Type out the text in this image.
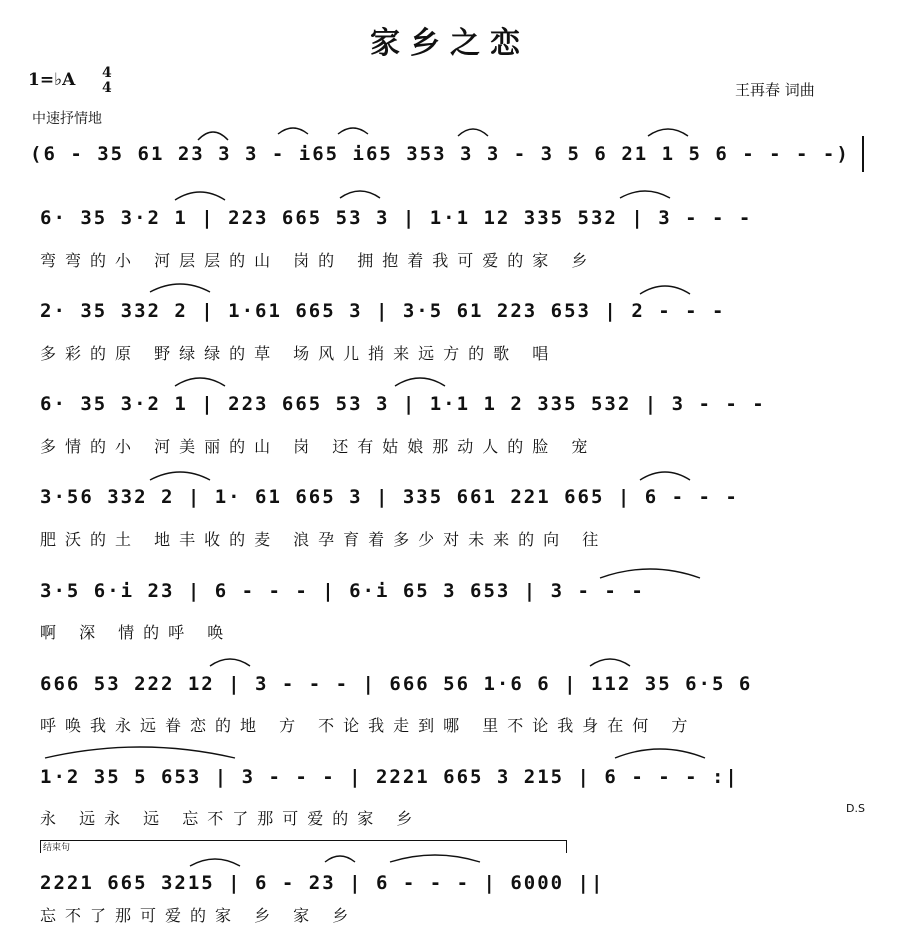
家乡之恋
1=♭A 4
4	王再春 词曲
中速抒情地
(6 - 35 61 23 3 3 - i65 i65 353 3 3 - 3 5 6 21 1 5 6 - - - -)
6· 35 3·2 1 | 223 665 53 3 | 1·1 12 335 532 | 3 - - -
弯弯的小 河层层的山 岗的 拥抱着我可爱的家 乡
2· 35 332 2 | 1·61 665 3 | 3·5 61 223 653 | 2 - - -
多彩的原 野绿绿的草 场风儿捎来远方的歌 唱
6· 35 3·2 1 | 223 665 53 3 | 1·1 1 2 335 532 | 3 - - -
多情的小 河美丽的山 岗 还有姑娘那动人的脸 宠
3·56 332 2 | 1· 61 665 3 | 335 661 221 665 | 6 - - -
肥沃的土 地丰收的麦 浪孕育着多少对未来的向 往
3·5 6·i 23 | 6 - - - | 6·i 65 3 653 | 3 - - -
啊 深 情的呼 唤
666 53 222 12 | 3 - - - | 666 56 1·6 6 | 112 35 6·5 6
呼唤我永远眷恋的地 方 不论我走到哪 里不论我身在何 方
1·2 35 5 653 | 3 - - - | 2221 665 3 215 | 6 - - - :|
永 远永 远 忘不了那可爱的家 乡
D.S
结束句
2221 665 3215 | 6 - 23 | 6 - - - | 6000 ||
忘不了那可爱的家 乡 家 乡
